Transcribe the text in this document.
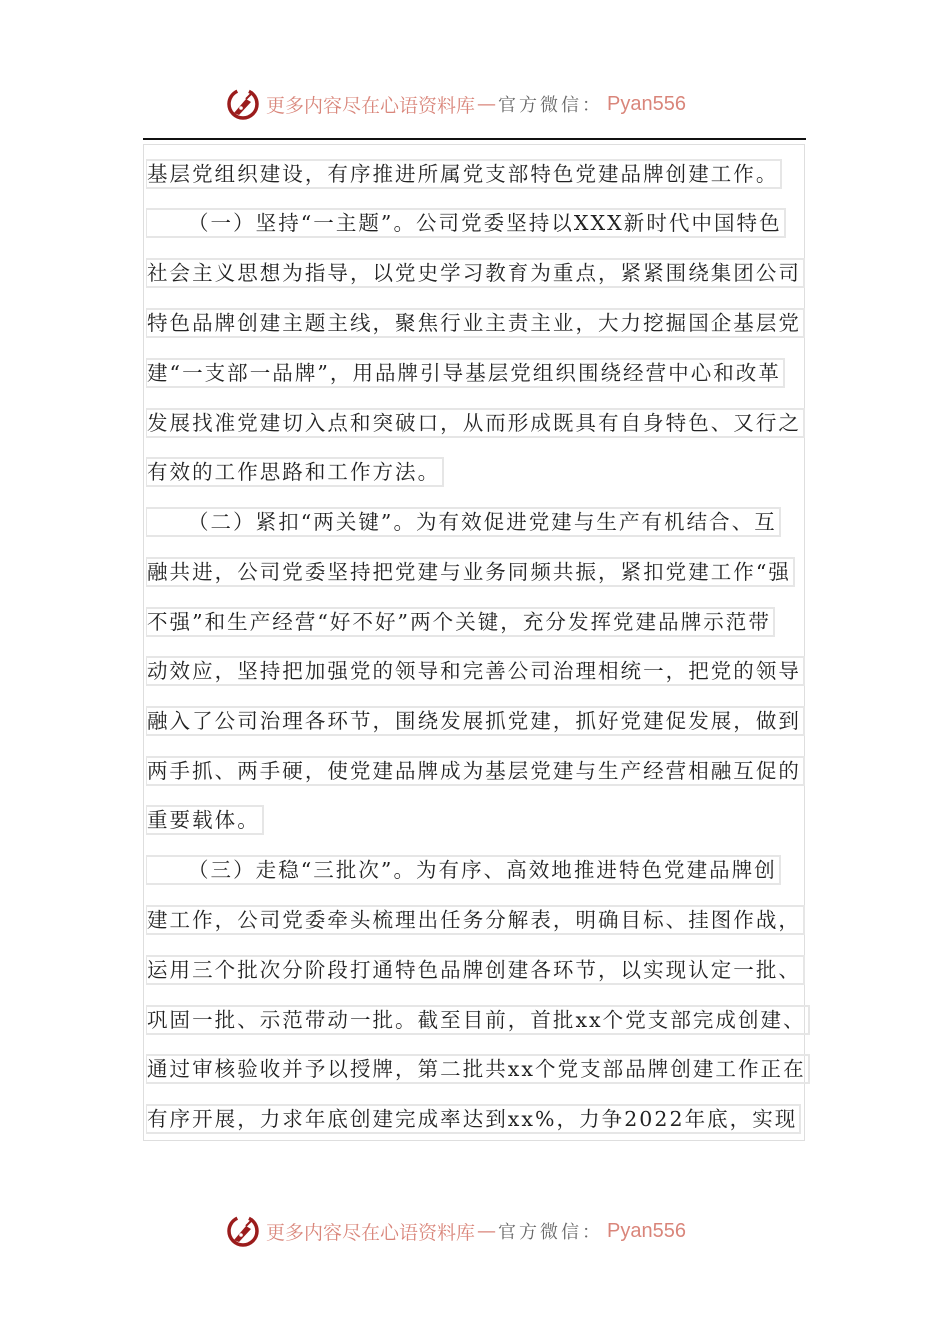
更多内容尽在心语资料库 — 官方微信： Pyan556
基层党组织建设，有序推进所属党支部特色党建品牌创建工作。
（一）坚持“一主题”。公司党委坚持以XXX新时代中国特色
社会主义思想为指导，以党史学习教育为重点，紧紧围绕集团公司
特色品牌创建主题主线，聚焦行业主责主业，大力挖掘国企基层党
建“一支部一品牌”，用品牌引导基层党组织围绕经营中心和改革
发展找准党建切入点和突破口，从而形成既具有自身特色、又行之
有效的工作思路和工作方法。
（二）紧扣“两关键”。为有效促进党建与生产有机结合、互
融共进，公司党委坚持把党建与业务同频共振，紧扣党建工作“强
不强”和生产经营“好不好”两个关键，充分发挥党建品牌示范带
动效应，坚持把加强党的领导和完善公司治理相统一，把党的领导
融入了公司治理各环节，围绕发展抓党建，抓好党建促发展，做到
两手抓、两手硬，使党建品牌成为基层党建与生产经营相融互促的
重要载体。
（三）走稳“三批次”。为有序、高效地推进特色党建品牌创
建工作，公司党委牵头梳理出任务分解表，明确目标、挂图作战，
运用三个批次分阶段打通特色品牌创建各环节，以实现认定一批、
巩固一批、示范带动一批。截至目前，首批xx个党支部完成创建、
通过审核验收并予以授牌，第二批共xx个党支部品牌创建工作正在
有序开展，力求年底创建完成率达到xx%，力争2022年底，实现
更多内容尽在心语资料库 — 官方微信： Pyan556
